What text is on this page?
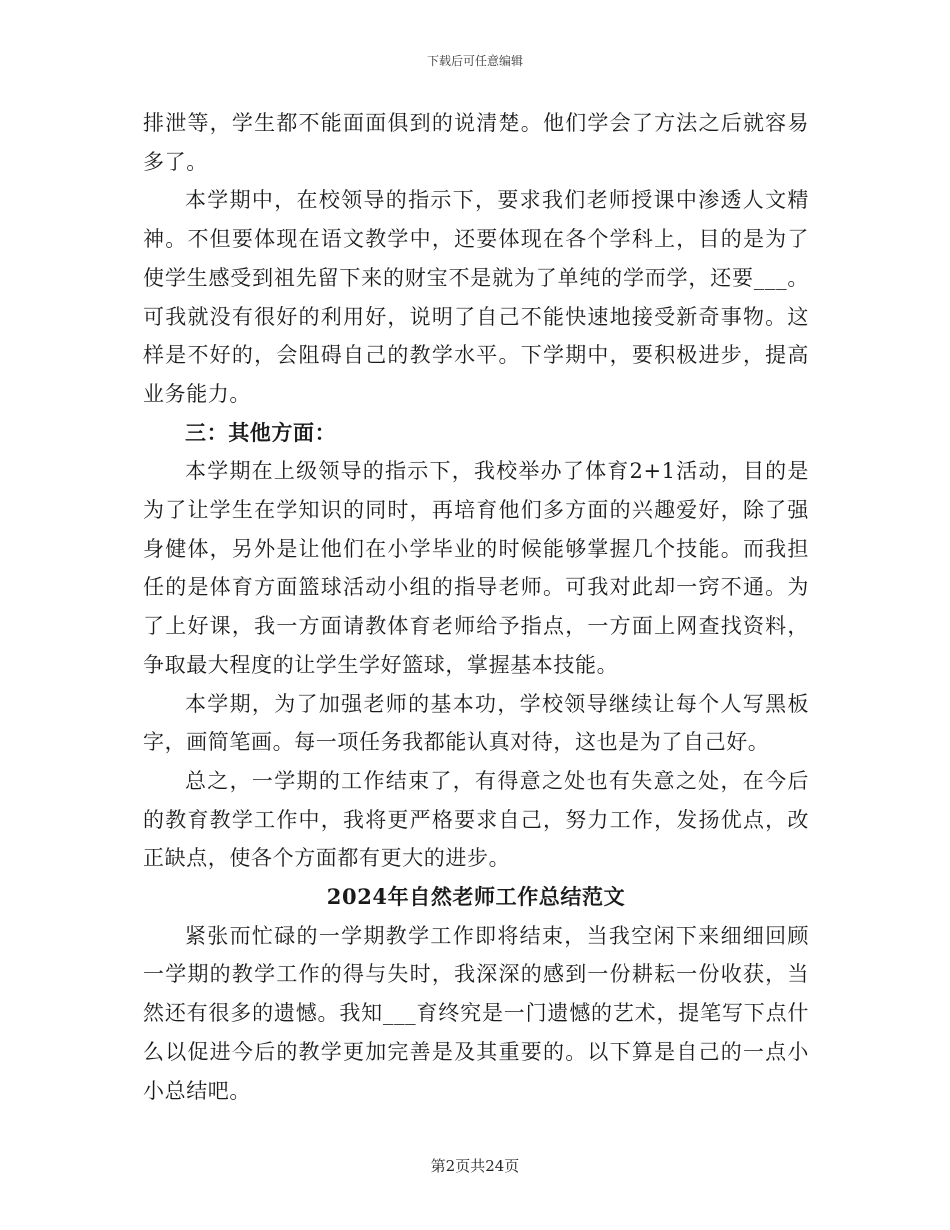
下载后可任意编辑

排泄等，学生都不能面面俱到的说清楚。他们学会了方法之后就容易多了。

本学期中，在校领导的指示下，要求我们老师授课中渗透人文精神。不但要体现在语文教学中，还要体现在各个学科上，目的是为了使学生感受到祖先留下来的财宝不是就为了单纯的学而学，还要___。可我就没有很好的利用好，说明了自己不能快速地接受新奇事物。这样是不好的，会阻碍自己的教学水平。下学期中，要积极进步，提高业务能力。

三：其他方面：

本学期在上级领导的指示下，我校举办了体育2+1活动，目的是为了让学生在学知识的同时，再培育他们多方面的兴趣爱好，除了强身健体，另外是让他们在小学毕业的时候能够掌握几个技能。而我担任的是体育方面篮球活动小组的指导老师。可我对此却一窍不通。为了上好课，我一方面请教体育老师给予指点，一方面上网查找资料，争取最大程度的让学生学好篮球，掌握基本技能。

本学期，为了加强老师的基本功，学校领导继续让每个人写黑板字，画简笔画。每一项任务我都能认真对待，这也是为了自己好。

总之，一学期的工作结束了，有得意之处也有失意之处，在今后的教育教学工作中，我将更严格要求自己，努力工作，发扬优点，改正缺点，使各个方面都有更大的进步。

2024年自然老师工作总结范文

紧张而忙碌的一学期教学工作即将结束，当我空闲下来细细回顾一学期的教学工作的得与失时，我深深的感到一份耕耘一份收获，当然还有很多的遗憾。我知___育终究是一门遗憾的艺术，提笔写下点什么以促进今后的教学更加完善是及其重要的。以下算是自己的一点小小总结吧。

第2页共24页
